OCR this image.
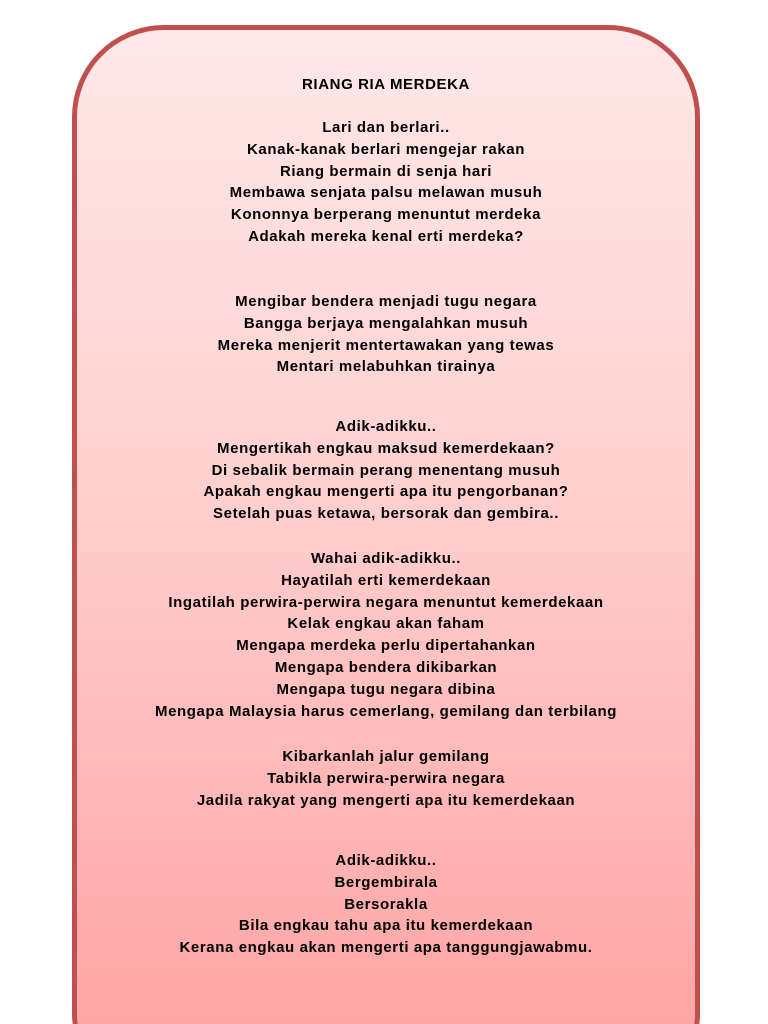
RIANG RIA MERDEKA
Lari dan berlari..
Kanak-kanak berlari mengejar rakan
Riang bermain di senja hari
Membawa senjata palsu melawan musuh
Kononnya berperang menuntut merdeka
Adakah mereka kenal erti merdeka?
Mengibar bendera menjadi tugu negara
Bangga berjaya mengalahkan musuh
Mereka menjerit mentertawakan yang tewas
Mentari melabuhkan tirainya
Adik-adikku..
Mengertikah engkau maksud kemerdekaan?
Di sebalik bermain perang menentang musuh
Apakah engkau mengerti apa itu pengorbanan?
Setelah puas ketawa, bersorak dan gembira..
Wahai adik-adikku..
Hayatilah erti kemerdekaan
Ingatilah perwira-perwira negara menuntut kemerdekaan
Kelak engkau akan faham
Mengapa merdeka perlu dipertahankan
Mengapa bendera dikibarkan
Mengapa tugu negara dibina
Mengapa Malaysia harus cemerlang, gemilang dan terbilang
Kibarkanlah jalur gemilang
Tabikla perwira-perwira negara
Jadila rakyat yang mengerti apa itu kemerdekaan
Adik-adikku..
Bergembirala
Bersorakla
Bila engkau tahu apa itu kemerdekaan
Kerana engkau akan mengerti apa tanggungjawabmu.
